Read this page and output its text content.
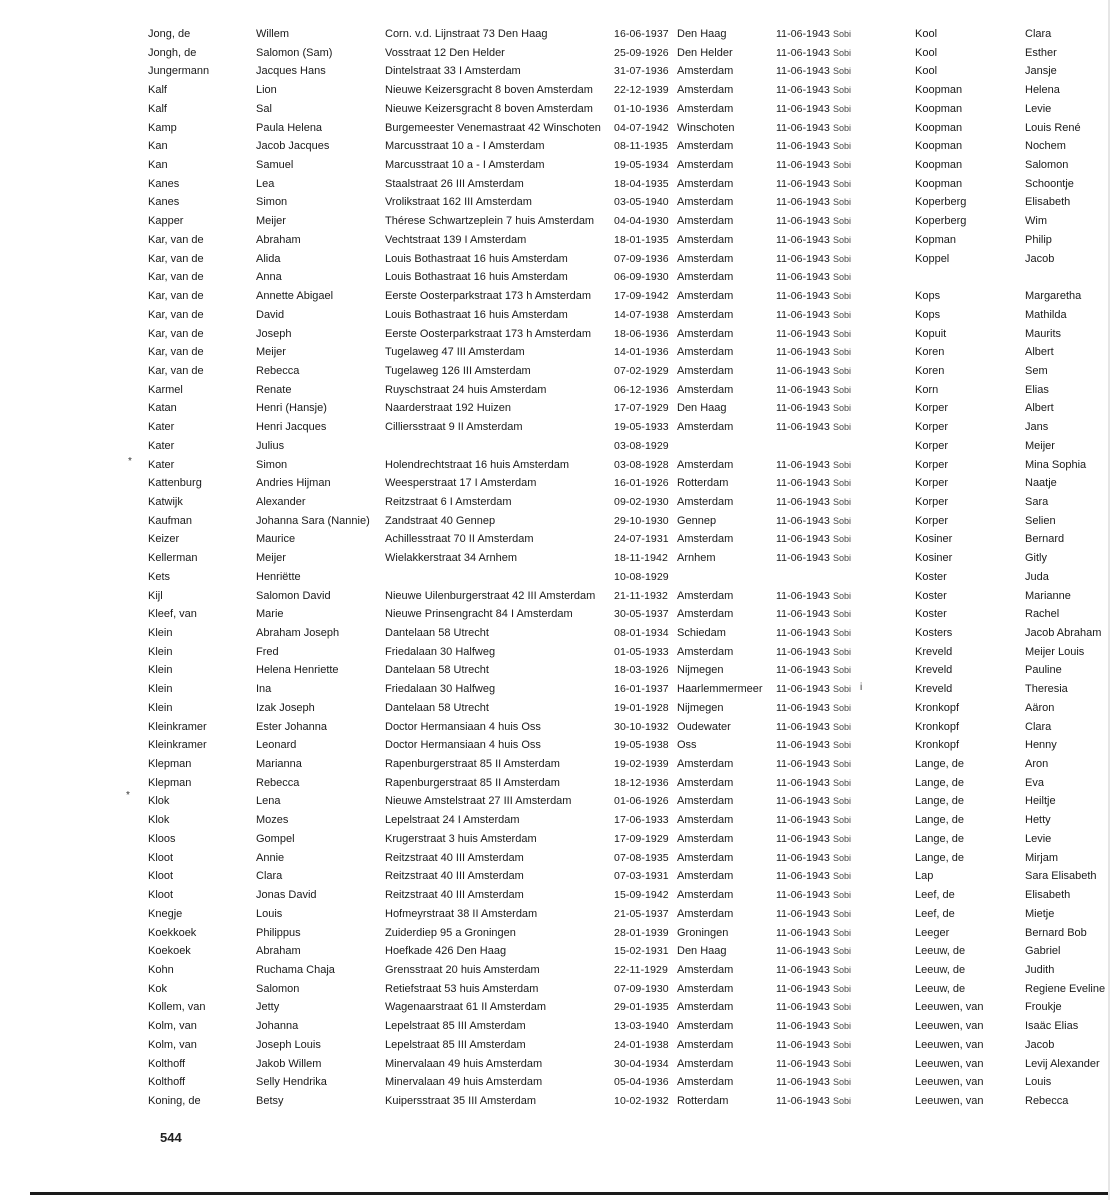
Jong, de	Willem	Corn. v.d. Lijnstraat 73 Den Haag	16-06-1937 Den Haag	11-06-1943 Sobi	Kool	Clara
Jongh, de	Salomon (Sam)	Vosstraat 12 Den Helder	25-09-1926 Den Helder	11-06-1943 Sobi	Kool	Esther
Jungermann	Jacques Hans	Dintelstraat 33 I Amsterdam	31-07-1936 Amsterdam	11-06-1943 Sobi	Kool	Jansje
Kalf	Lion	Nieuwe Keizersgracht 8 boven Amsterdam	22-12-1939 Amsterdam	11-06-1943 Sobi	Koopman	Helena
Kalf	Sal	Nieuwe Keizersgracht 8 boven Amsterdam	01-10-1936 Amsterdam	11-06-1943 Sobi	Koopman	Levie
Kamp	Paula Helena	Burgemeester Venemastraat 42 Winschoten	04-07-1942 Winschoten	11-06-1943 Sobi	Koopman	Louis René
Kan	Jacob Jacques	Marcusstraat 10 a - I Amsterdam	08-11-1935 Amsterdam	11-06-1943 Sobi	Koopman	Nochem
Kan	Samuel	Marcusstraat 10 a - I Amsterdam	19-05-1934 Amsterdam	11-06-1943 Sobi	Koopman	Salomon
Kanes	Lea	Staalstraat 26 III Amsterdam	18-04-1935 Amsterdam	11-06-1943 Sobi	Koopman	Schoontje
Kanes	Simon	Vrolikstraat 162 III Amsterdam	03-05-1940 Amsterdam	11-06-1943 Sobi	Koperberg	Elisabeth
Kapper	Meijer	Thérese Schwartzeplein 7 huis Amsterdam	04-04-1930 Amsterdam	11-06-1943 Sobi	Koperberg	Wim
Kar, van de	Abraham	Vechtstraat 139 I Amsterdam	18-01-1935 Amsterdam	11-06-1943 Sobi	Kopman	Philip
Kar, van de	Alida	Louis Bothastraat 16 huis Amsterdam	07-09-1936 Amsterdam	11-06-1943 Sobi	Koppel	Jacob
Kar, van de	Anna	Louis Bothastraat 16 huis Amsterdam	06-09-1930 Amsterdam	11-06-1943 Sobi
Kar, van de	Annette Abigael	Eerste Oosterparkstraat 173 h Amsterdam	17-09-1942 Amsterdam	11-06-1943 Sobi	Kops	Margaretha
Kar, van de	David	Louis Bothastraat 16 huis Amsterdam	14-07-1938 Amsterdam	11-06-1943 Sobi	Kops	Mathilda
Kar, van de	Joseph	Eerste Oosterparkstraat 173 h Amsterdam	18-06-1936 Amsterdam	11-06-1943 Sobi	Kopuit	Maurits
Kar, van de	Meijer	Tugelaweg 47 III Amsterdam	14-01-1936 Amsterdam	11-06-1943 Sobi	Koren	Albert
Kar, van de	Rebecca	Tugelaweg 126 III Amsterdam	07-02-1929 Amsterdam	11-06-1943 Sobi	Koren	Sem
Karmel	Renate	Ruyschstraat 24 huis Amsterdam	06-12-1936 Amsterdam	11-06-1943 Sobi	Korn	Elias
Katan	Henri (Hansje)	Naarderstraat 192 Huizen	17-07-1929 Den Haag	11-06-1943 Sobi	Korper	Albert
Kater	Henri Jacques	Cilliersstraat 9 II Amsterdam	19-05-1933 Amsterdam	11-06-1943 Sobi	Korper	Jans
Kater	Julius	03-08-1929	Korper	Meijer
Kater	Simon	Holendrechtstraat 16 huis Amsterdam	03-08-1928 Amsterdam	11-06-1943 Sobi	Korper	Mina Sophia
Kattenburg	Andries Hijman	Weesperstraat 17 I Amsterdam	16-01-1926 Rotterdam	11-06-1943 Sobi	Korper	Naatje
Katwijk	Alexander	Reitzstraat 6 I Amsterdam	09-02-1930 Amsterdam	11-06-1943 Sobi	Korper	Sara
Kaufman	Johanna Sara (Nannie)	Zandstraat 40 Gennep	29-10-1930 Gennep	11-06-1943 Sobi	Korper	Selien
Keizer	Maurice	Achillesstraat 70 II Amsterdam	24-07-1931 Amsterdam	11-06-1943 Sobi	Kosiner	Bernard
Kellerman	Meijer	Wielakkerstraat 34 Arnhem	18-11-1942 Arnhem	11-06-1943 Sobi	Kosiner	Gitly
Kets	Henriëtte	10-08-1929	Koster	Juda
Kijl	Salomon David	Nieuwe Uilenburgerstraat 42 III Amsterdam	21-11-1932 Amsterdam	11-06-1943 Sobi	Koster	Marianne
Kleef, van	Marie	Nieuwe Prinsengracht 84 I Amsterdam	30-05-1937 Amsterdam	11-06-1943 Sobi	Koster	Rachel
Klein	Abraham Joseph	Dantelaan 58 Utrecht	08-01-1934 Schiedam	11-06-1943 Sobi	Kosters	Jacob Abraham
Klein	Fred	Friedalaan 30 Halfweg	01-05-1933 Amsterdam	11-06-1943 Sobi	Kreveld	Meijer Louis
Klein	Helena Henriette	Dantelaan 58 Utrecht	18-03-1926 Nijmegen	11-06-1943 Sobi	Kreveld	Pauline
Klein	Ina	Friedalaan 30 Halfweg	16-01-1937 Haarlemmermeer	11-06-1943 Sobi	Kreveld	Theresia
Klein	Izak Joseph	Dantelaan 58 Utrecht	19-01-1928 Nijmegen	11-06-1943 Sobi	Kronkopf	Aäron
Kleinkramer	Ester Johanna	Doctor Hermansiaan 4 huis Oss	30-10-1932 Oudewater	11-06-1943 Sobi	Kronkopf	Clara
Kleinkramer	Leonard	Doctor Hermansiaan 4 huis Oss	19-05-1938 Oss	11-06-1943 Sobi	Kronkopf	Henny
Klepman	Marianna	Rapenburgerstraat 85 II Amsterdam	19-02-1939 Amsterdam	11-06-1943 Sobi	Lange, de	Aron
Klepman	Rebecca	Rapenburgerstraat 85 II Amsterdam	18-12-1936 Amsterdam	11-06-1943 Sobi	Lange, de	Eva
Klok	Lena	Nieuwe Amstelstraat 27 III Amsterdam	01-06-1926 Amsterdam	11-06-1943 Sobi	Lange, de	Heiltje
Klok	Mozes	Lepelstraat 24 I Amsterdam	17-06-1933 Amsterdam	11-06-1943 Sobi	Lange, de	Hetty
Kloos	Gompel	Krugerstraat 3 huis Amsterdam	17-09-1929 Amsterdam	11-06-1943 Sobi	Lange, de	Levie
Kloot	Annie	Reitzstraat 40 III Amsterdam	07-08-1935 Amsterdam	11-06-1943 Sobi	Lange, de	Mirjam
Kloot	Clara	Reitzstraat 40 III Amsterdam	07-03-1931 Amsterdam	11-06-1943 Sobi	Lap	Sara Elisabeth
Kloot	Jonas David	Reitzstraat 40 III Amsterdam	15-09-1942 Amsterdam	11-06-1943 Sobi	Leef, de	Elisabeth
Knegje	Louis	Hofmeyrstraat 38 II Amsterdam	21-05-1937 Amsterdam	11-06-1943 Sobi	Leef, de	Mietje
Koekkoek	Philippus	Zuiderdiep 95 a Groningen	28-01-1939 Groningen	11-06-1943 Sobi	Leeger	Bernard Bob
Koekoek	Abraham	Hoefkade 426 Den Haag	15-02-1931 Den Haag	11-06-1943 Sobi	Leeuw, de	Gabriel
Kohn	Ruchama Chaja	Grensstraat 20 huis Amsterdam	22-11-1929 Amsterdam	11-06-1943 Sobi	Leeuw, de	Judith
Kok	Salomon	Retiefstraat 53 huis Amsterdam	07-09-1930 Amsterdam	11-06-1943 Sobi	Leeuw, de	Regiene Eveline
Kollem, van	Jetty	Wagenaarstraat 61 II Amsterdam	29-01-1935 Amsterdam	11-06-1943 Sobi	Leeuwen, van	Froukje
Kolm, van	Johanna	Lepelstraat 85 III Amsterdam	13-03-1940 Amsterdam	11-06-1943 Sobi	Leeuwen, van	Isaäc Elias
Kolm, van	Joseph Louis	Lepelstraat 85 III Amsterdam	24-01-1938 Amsterdam	11-06-1943 Sobi	Leeuwen, van	Jacob
Kolthoff	Jakob Willem	Minervalaan 49 huis Amsterdam	30-04-1934 Amsterdam	11-06-1943 Sobi	Leeuwen, van	Levij Alexander
Kolthoff	Selly Hendrika	Minervalaan 49 huis Amsterdam	05-04-1936 Amsterdam	11-06-1943 Sobi	Leeuwen, van	Louis
Koning, de	Betsy	Kuipersstraat 35 III Amsterdam	10-02-1932 Rotterdam	11-06-1943 Sobi	Leeuwen, van	Rebecca
*
*
i
544
